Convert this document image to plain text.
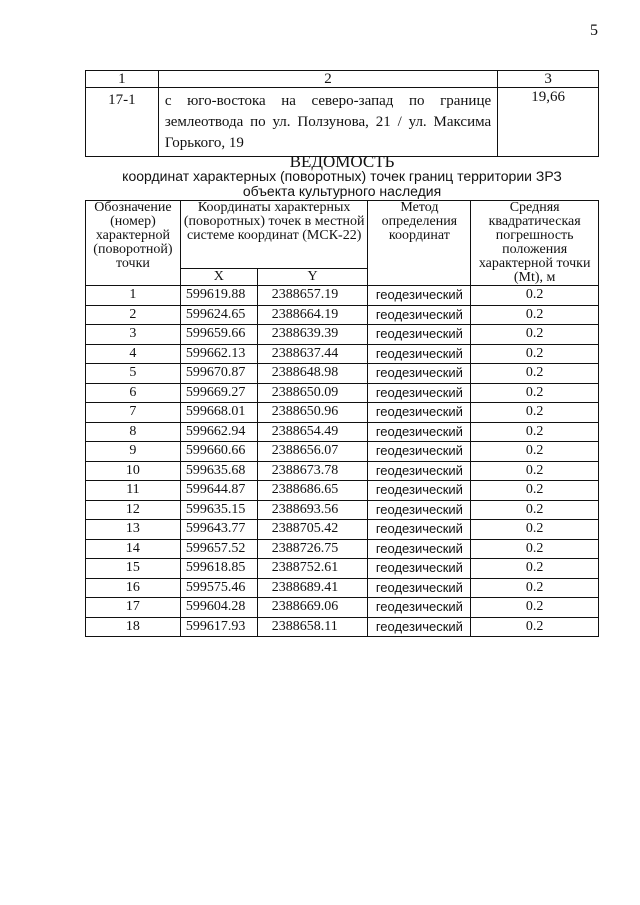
5
1	2	3
17-1	с юго-востока на северо-запад по границе землеотвода по ул. Ползунова, 21 / ул. Максима Горького, 19	19,66
ВЕДОМОСТЬ
координат характерных (поворотных) точек границ территории ЗРЗ
объекта культурного наследия
Обозначение (номер) характерной (поворотной) точки	Координаты характерных (поворотных) точек в местной системе координат (МСК-22)		Метод определения координат	Средняя квадратическая погрешность положения характерной точки (Mt), м
	X	Y		
1	599619.88	2388657.19	геодезический	0.2
2	599624.65	2388664.19	геодезический	0.2
3	599659.66	2388639.39	геодезический	0.2
4	599662.13	2388637.44	геодезический	0.2
5	599670.87	2388648.98	геодезический	0.2
6	599669.27	2388650.09	геодезический	0.2
7	599668.01	2388650.96	геодезический	0.2
8	599662.94	2388654.49	геодезический	0.2
9	599660.66	2388656.07	геодезический	0.2
10	599635.68	2388673.78	геодезический	0.2
11	599644.87	2388686.65	геодезический	0.2
12	599635.15	2388693.56	геодезический	0.2
13	599643.77	2388705.42	геодезический	0.2
14	599657.52	2388726.75	геодезический	0.2
15	599618.85	2388752.61	геодезический	0.2
16	599575.46	2388689.41	геодезический	0.2
17	599604.28	2388669.06	геодезический	0.2
18	599617.93	2388658.11	геодезический	0.2
